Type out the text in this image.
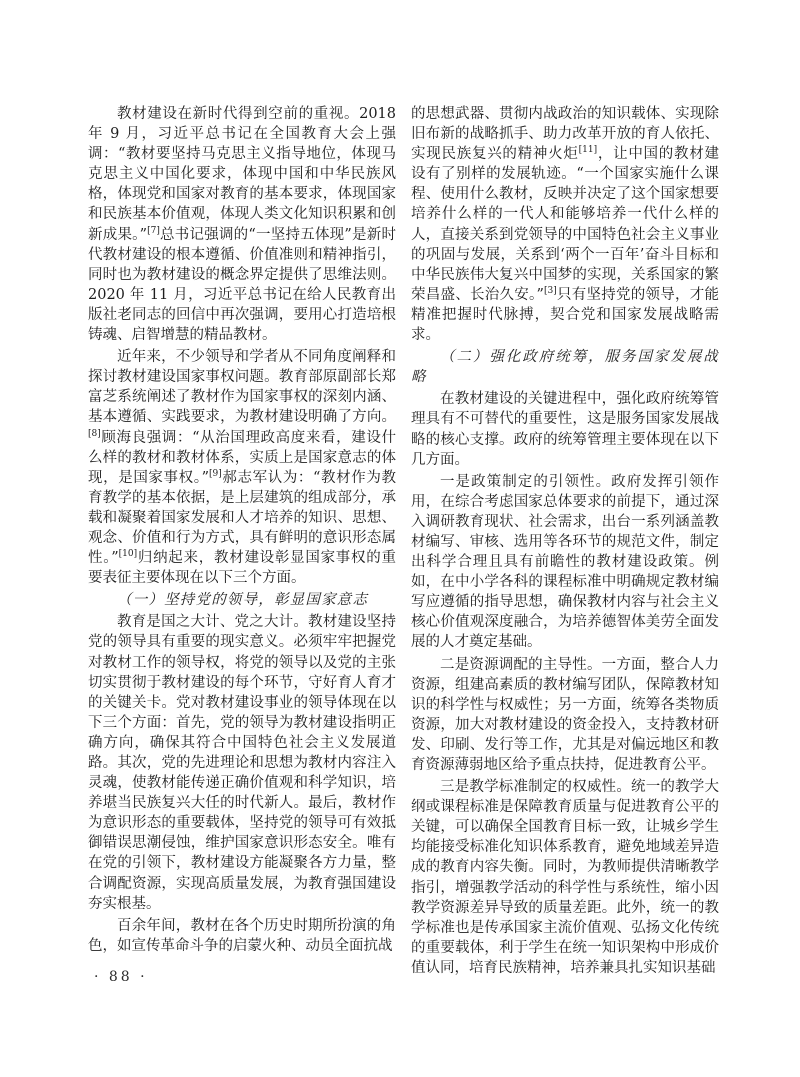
教材建设在新时代得到空前的重视。2018 年 9 月，习近平总书记在全国教育大会上强调：“教材要坚持马克思主义指导地位，体现马克思主义中国化要求，体现中国和中华民族风格，体现党和国家对教育的基本要求，体现国家和民族基本价值观，体现人类文化知识积累和创新成果。”[7]总书记强调的“一坚持五体现”是新时代教材建设的根本遵循、价值准则和精神指引，同时也为教材建设的概念界定提供了思维法则。2020 年 11 月，习近平总书记在给人民教育出版社老同志的回信中再次强调，要用心打造培根铸魂、启智增慧的精品教材。

近年来，不少领导和学者从不同角度阐释和探讨教材建设国家事权问题。教育部原副部长郑富芝系统阐述了教材作为国家事权的深刻内涵、基本遵循、实践要求，为教材建设明确了方向。[8]顾海良强调：“从治国理政高度来看，建设什么样的教材和教材体系，实质上是国家意志的体现，是国家事权。”[9]郝志军认为：“教材作为教育教学的基本依据，是上层建筑的组成部分，承载和凝聚着国家发展和人才培养的知识、思想、观念、价值和行为方式，具有鲜明的意识形态属性。”[10]归纳起来，教材建设彰显国家事权的重要表征主要体现在以下三个方面。

（一）坚持党的领导，彰显国家意志

教育是国之大计、党之大计。教材建设坚持党的领导具有重要的现实意义。必须牢牢把握党对教材工作的领导权，将党的领导以及党的主张切实贯彻于教材建设的每个环节，守好育人育才的关键关卡。党对教材建设事业的领导体现在以下三个方面：首先，党的领导为教材建设指明正确方向，确保其符合中国特色社会主义发展道路。其次，党的先进理论和思想为教材内容注入灵魂，使教材能传递正确价值观和科学知识，培养堪当民族复兴大任的时代新人。最后，教材作为意识形态的重要载体，坚持党的领导可有效抵御错误思潮侵蚀，维护国家意识形态安全。唯有在党的引领下，教材建设方能凝聚各方力量，整合调配资源，实现高质量发展，为教育强国建设夯实根基。

百余年间，教材在各个历史时期所扮演的角色，如宣传革命斗争的启蒙火种、动员全面抗战

的思想武器、贯彻内战政治的知识载体、实现除旧布新的战略抓手、助力改革开放的育人依托、实现民族复兴的精神火炬[11]，让中国的教材建设有了别样的发展轨迹。“一个国家实施什么课程、使用什么教材，反映并决定了这个国家想要培养什么样的一代人和能够培养一代什么样的人，直接关系到党领导的中国特色社会主义事业的巩固与发展，关系到‘两个一百年’奋斗目标和中华民族伟大复兴中国梦的实现，关系国家的繁荣昌盛、长治久安。”[3]只有坚持党的领导，才能精准把握时代脉搏，契合党和国家发展战略需求。

（二）强化政府统筹，服务国家发展战略

在教材建设的关键进程中，强化政府统筹管理具有不可替代的重要性，这是服务国家发展战略的核心支撑。政府的统筹管理主要体现在以下几方面。

一是政策制定的引领性。政府发挥引领作用，在综合考虑国家总体要求的前提下，通过深入调研教育现状、社会需求，出台一系列涵盖教材编写、审核、选用等各环节的规范文件，制定出科学合理且具有前瞻性的教材建设政策。例如，在中小学各科的课程标准中明确规定教材编写应遵循的指导思想，确保教材内容与社会主义核心价值观深度融合，为培养德智体美劳全面发展的人才奠定基础。

二是资源调配的主导性。一方面，整合人力资源，组建高素质的教材编写团队，保障教材知识的科学性与权威性；另一方面，统筹各类物质资源，加大对教材建设的资金投入，支持教材研发、印刷、发行等工作，尤其是对偏远地区和教育资源薄弱地区给予重点扶持，促进教育公平。

三是教学标准制定的权威性。统一的教学大纲或课程标准是保障教育质量与促进教育公平的关键，可以确保全国教育目标一致，让城乡学生均能接受标准化知识体系教育，避免地域差异造成的教育内容失衡。同时，为教师提供清晰教学指引，增强教学活动的科学性与系统性，缩小因教学资源差异导致的质量差距。此外，统一的教学标准也是传承国家主流价值观、弘扬文化传统的重要载体，利于学生在统一知识架构中形成价值认同，培育民族精神，培养兼具扎实知识基础

· 88 ·
